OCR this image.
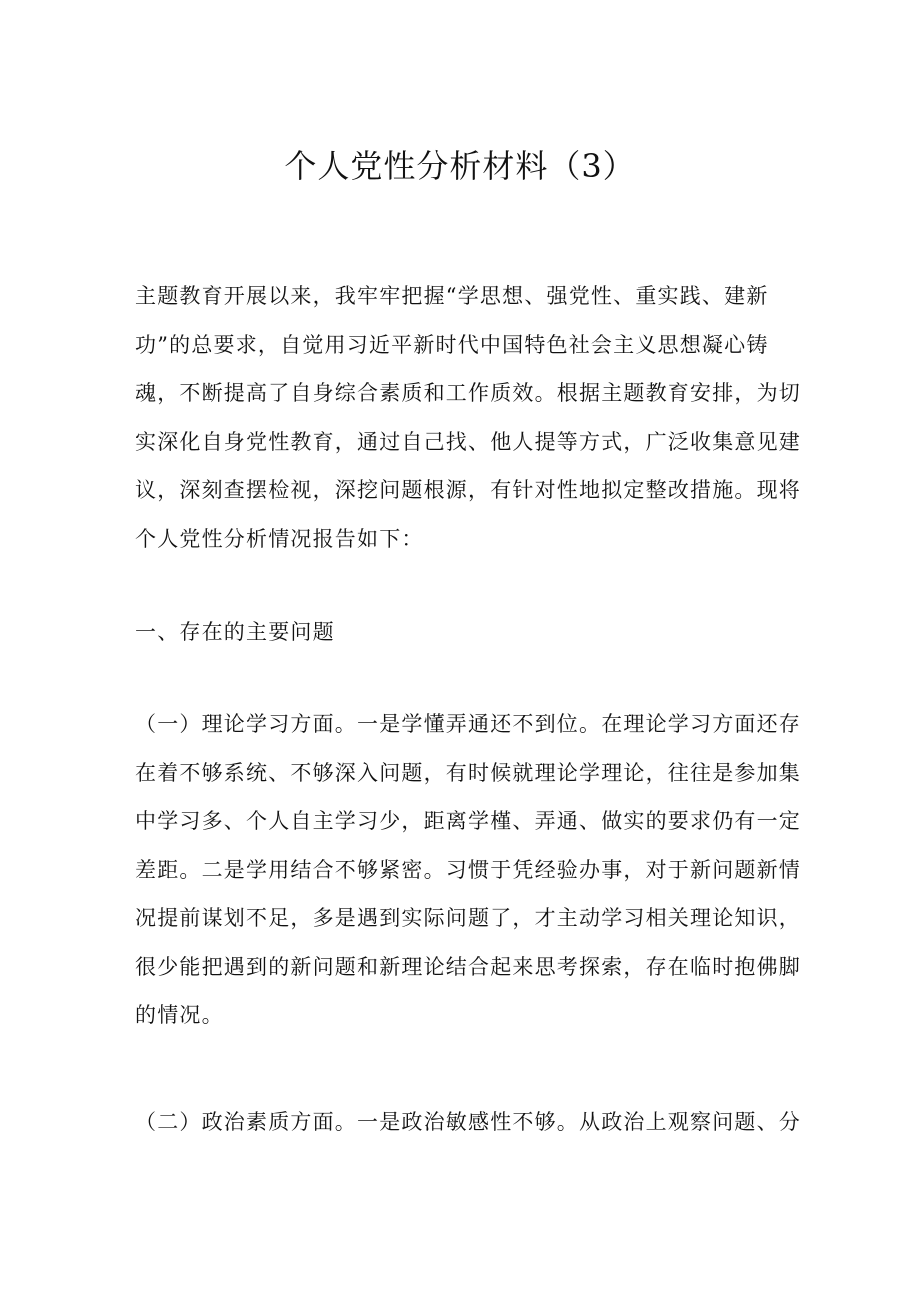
个人党性分析材料（3）
主题教育开展以来，我牢牢把握“学思想、强党性、重实践、建新
功”的总要求，自觉用习近平新时代中国特色社会主义思想凝心铸
魂，不断提高了自身综合素质和工作质效。根据主题教育安排，为切
实深化自身党性教育，通过自己找、他人提等方式，广泛收集意见建
议，深刻查摆检视，深挖问题根源，有针对性地拟定整改措施。现将
个人党性分析情况报告如下：
一、存在的主要问题
（一）理论学习方面。一是学懂弄通还不到位。在理论学习方面还存
在着不够系统、不够深入问题，有时候就理论学理论，往往是参加集
中学习多、个人自主学习少，距离学槿、弄通、做实的要求仍有一定
差距。二是学用结合不够紧密。习惯于凭经验办事，对于新问题新情
况提前谋划不足，多是遇到实际问题了，才主动学习相关理论知识，
很少能把遇到的新问题和新理论结合起来思考探索，存在临时抱佛脚
的情况。
（二）政治素质方面。一是政治敏感性不够。从政治上观察问题、分
